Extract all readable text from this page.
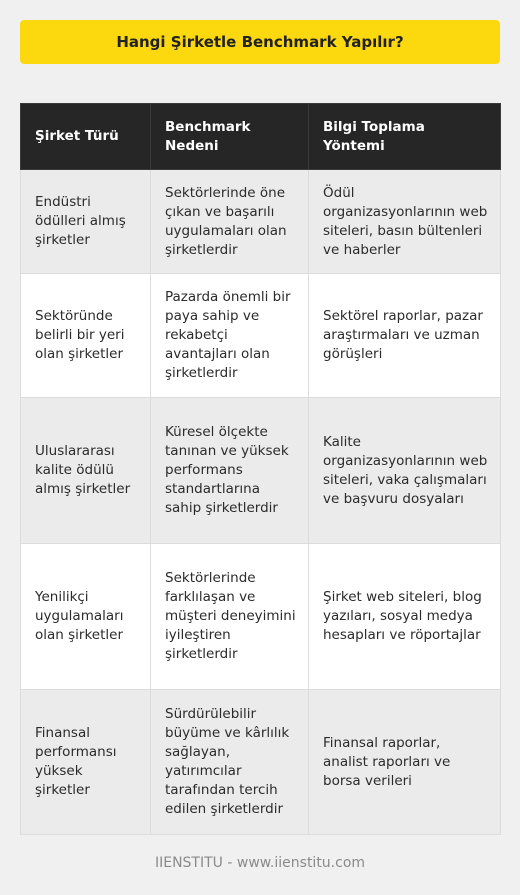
Hangi Şirketle Benchmark Yapılır?
Şirket Türü	Benchmark Nedeni	Bilgi Toplama Yöntemi
Endüstri ödülleri almış şirketler	Sektörlerinde öne çıkan ve başarılı uygulamaları olan şirketlerdir	Ödül organizasyonlarının web siteleri, basın bültenleri ve haberler
Sektöründe belirli bir yeri olan şirketler	Pazarda önemli bir paya sahip ve rekabetçi avantajları olan şirketlerdir	Sektörel raporlar, pazar araştırmaları ve uzman görüşleri
Uluslararası kalite ödülü almış şirketler	Küresel ölçekte tanınan ve yüksek performans standartlarına sahip şirketlerdir	Kalite organizasyonlarının web siteleri, vaka çalışmaları ve başvuru dosyaları
Yenilikçi uygulamaları olan şirketler	Sektörlerinde farklılaşan ve müşteri deneyimini iyileştiren şirketlerdir	Şirket web siteleri, blog yazıları, sosyal medya hesapları ve röportajlar
Finansal performansı yüksek şirketler	Sürdürülebilir büyüme ve kârlılık sağlayan, yatırımcılar tarafından tercih edilen şirketlerdir	Finansal raporlar, analist raporları ve borsa verileri
IIENSTITU - www.iienstitu.com
